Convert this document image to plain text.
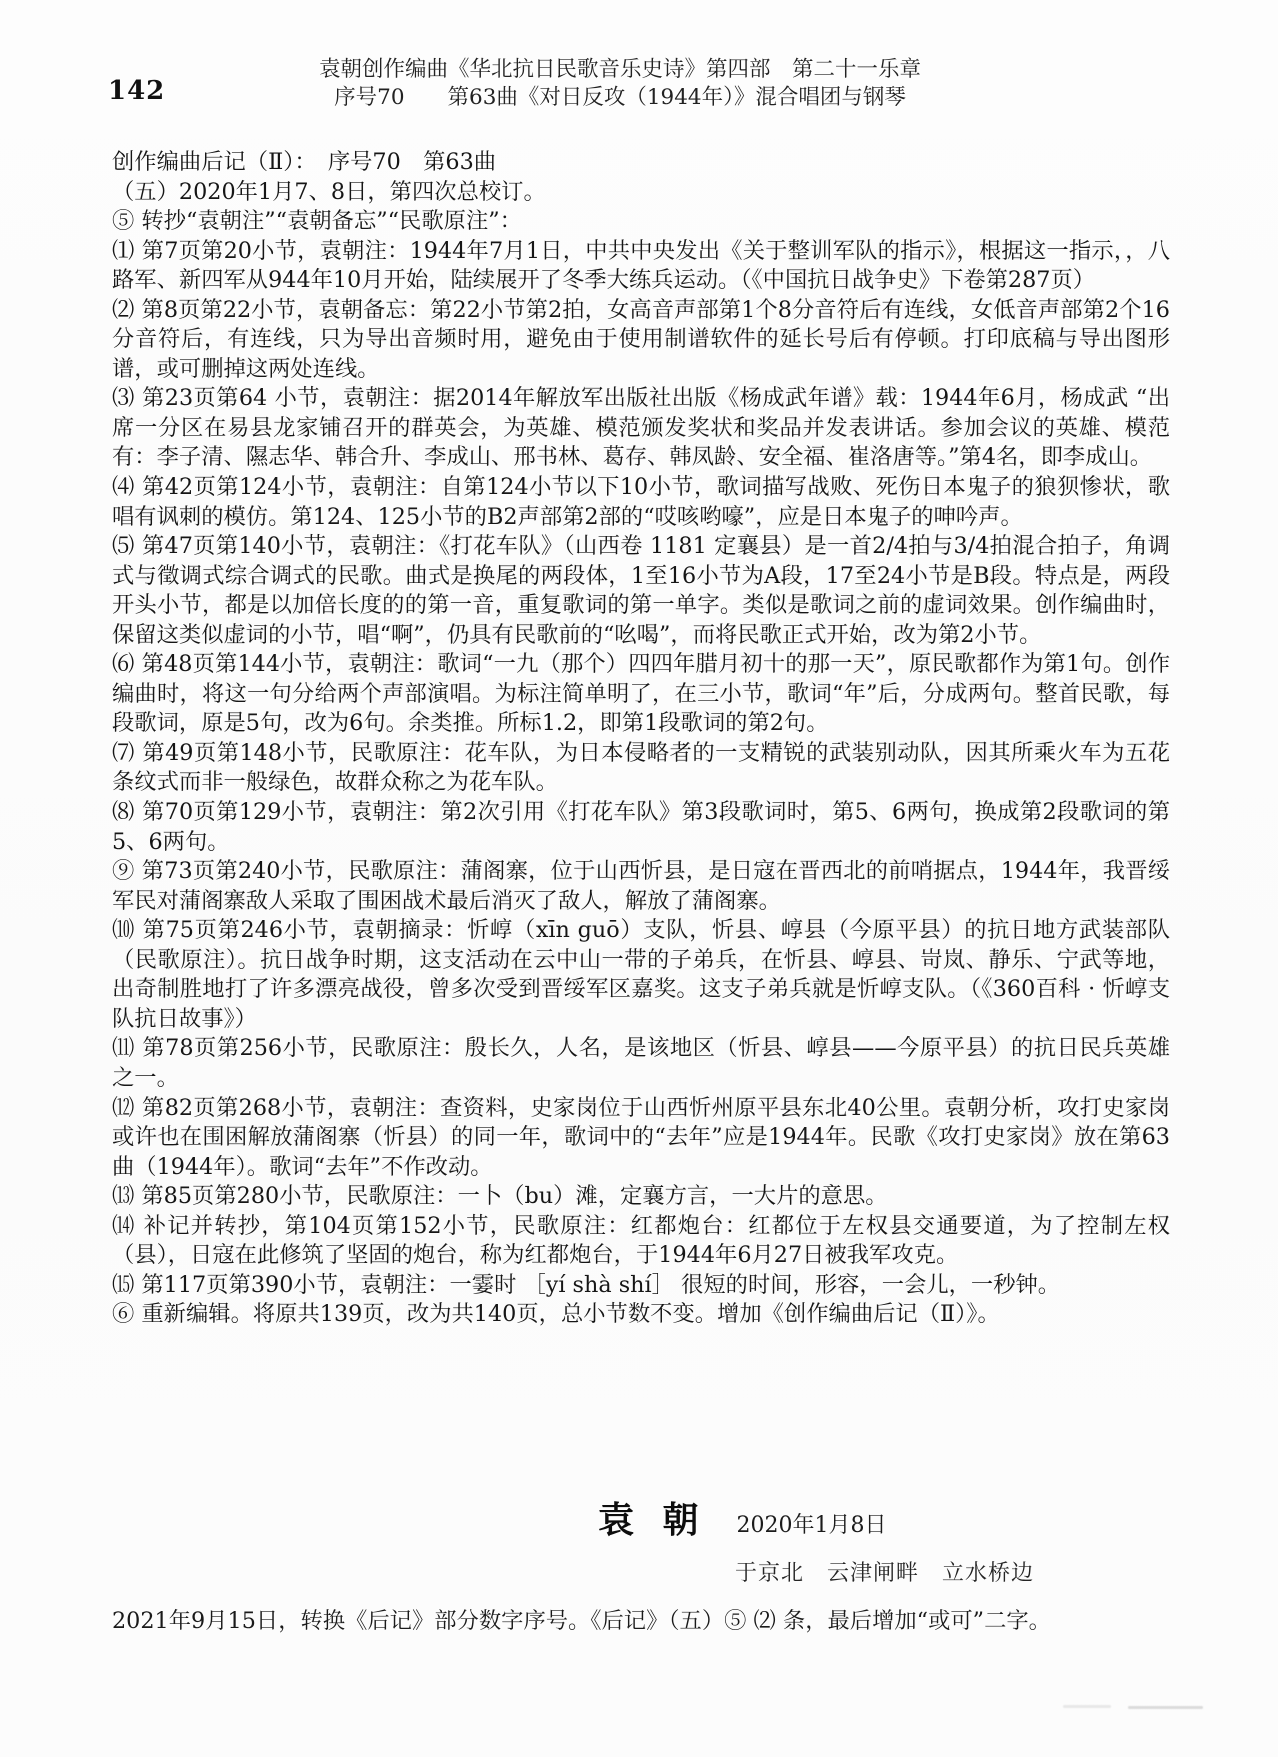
142
袁朝创作编曲《华北抗日民歌音乐史诗》第四部　第二十一乐章
序号70　　第63曲《对日反攻（1944年）》混合唱团与钢琴

创作编曲后记（Ⅱ）：　序号70　第63曲

（五）2020年1月7、8日，第四次总校订。

⑤ 转抄“袁朝注”“袁朝备忘”“民歌原注”：

⑴ 第7页第20小节，袁朝注：1944年7月1日，中共中央发出《关于整训军队的指示》，根据这一指示，，八路军、新四军从944年10月开始，陆续展开了冬季大练兵运动。（《中国抗日战争史》下卷第287页）

⑵ 第8页第22小节，袁朝备忘：第22小节第2拍，女高音声部第1个8分音符后有连线，女低音声部第2个16分音符后，有连线，只为导出音频时用，避免由于使用制谱软件的延长号后有停顿。打印底稿与导出图形谱，或可删掉这两处连线。

⑶ 第23页第64 小节，袁朝注：据2014年解放军出版社出版《杨成武年谱》载：1944年6月，杨成武 “出席一分区在易县龙家铺召开的群英会，为英雄、模范颁发奖状和奖品并发表讲话。参加会议的英雄、模范有：李子清、隰志华、韩合升、李成山、邢书林、葛存、韩凤龄、安全福、崔洛唐等。”第4名，即李成山。

⑷ 第42页第124小节，袁朝注：自第124小节以下10小节，歌词描写战败、死伤日本鬼子的狼狈惨状，歌唱有讽刺的模仿。第124、125小节的B2声部第2部的“哎咳哟嚎”，应是日本鬼子的呻吟声。

⑸ 第47页第140小节，袁朝注：《打花车队》（山西卷 1181 定襄县）是一首2/4拍与3/4拍混合拍子，角调式与徵调式综合调式的民歌。曲式是换尾的两段体，1至16小节为A段，17至24小节是B段。特点是，两段开头小节，都是以加倍长度的的第一音，重复歌词的第一单字。类似是歌词之前的虚词效果。创作编曲时，保留这类似虚词的小节，唱“啊”，仍具有民歌前的“吆喝”，而将民歌正式开始，改为第2小节。

⑹ 第48页第144小节，袁朝注：歌词“一九（那个）四四年腊月初十的那一天”，原民歌都作为第1句。创作编曲时，将这一句分给两个声部演唱。为标注简单明了，在三小节，歌词“年”后，分成两句。整首民歌，每段歌词，原是5句，改为6句。余类推。所标1.2，即第1段歌词的第2句。

⑺ 第49页第148小节，民歌原注：花车队，为日本侵略者的一支精锐的武装别动队，因其所乘火车为五花条纹式而非一般绿色，故群众称之为花车队。

⑻ 第70页第129小节，袁朝注：第2次引用《打花车队》第3段歌词时，第5、6两句，换成第2段歌词的第5、6两句。

⑨ 第73页第240小节，民歌原注：蒲阁寨，位于山西忻县，是日寇在晋西北的前哨据点，1944年，我晋绥军民对蒲阁寨敌人采取了围困战术最后消灭了敌人，解放了蒲阁寨。

⑽ 第75页第246小节，袁朝摘录：忻崞（xīn guō）支队，忻县、崞县（今原平县）的抗日地方武装部队（民歌原注）。抗日战争时期，这支活动在云中山一带的子弟兵，在忻县、崞县、岢岚、静乐、宁武等地，出奇制胜地打了许多漂亮战役，曾多次受到晋绥军区嘉奖。这支子弟兵就是忻崞支队。（《360百科 · 忻崞支队抗日故事》）

⑾ 第78页第256小节，民歌原注：殷长久，人名，是该地区（忻县、崞县——今原平县）的抗日民兵英雄之一。

⑿ 第82页第268小节，袁朝注：查资料，史家岗位于山西忻州原平县东北40公里。袁朝分析，攻打史家岗或许也在围困解放蒲阁寨（忻县）的同一年，歌词中的“去年”应是1944年。民歌《攻打史家岗》放在第63曲（1944年）。歌词“去年”不作改动。

⒀ 第85页第280小节，民歌原注：一卜（bu）滩，定襄方言，一大片的意思。

⒁ 补记并转抄，第104页第152小节，民歌原注：红都炮台：红都位于左权县交通要道，为了控制左权（县），日寇在此修筑了坚固的炮台，称为红都炮台，于1944年6月27日被我军攻克。

⒂ 第117页第390小节，袁朝注：一霎时 ［yí shà shí］ 很短的时间，形容，一会儿，一秒钟。

⑥ 重新编辑。将原共139页，改为共140页，总小节数不变。增加《创作编曲后记（Ⅱ）》。

袁 朝 2020年1月8日
于京北　云津闸畔　立水桥边
2021年9月15日，转换《后记》部分数字序号。《后记》（五）⑤ ⑵ 条，最后增加“或可”二字。
